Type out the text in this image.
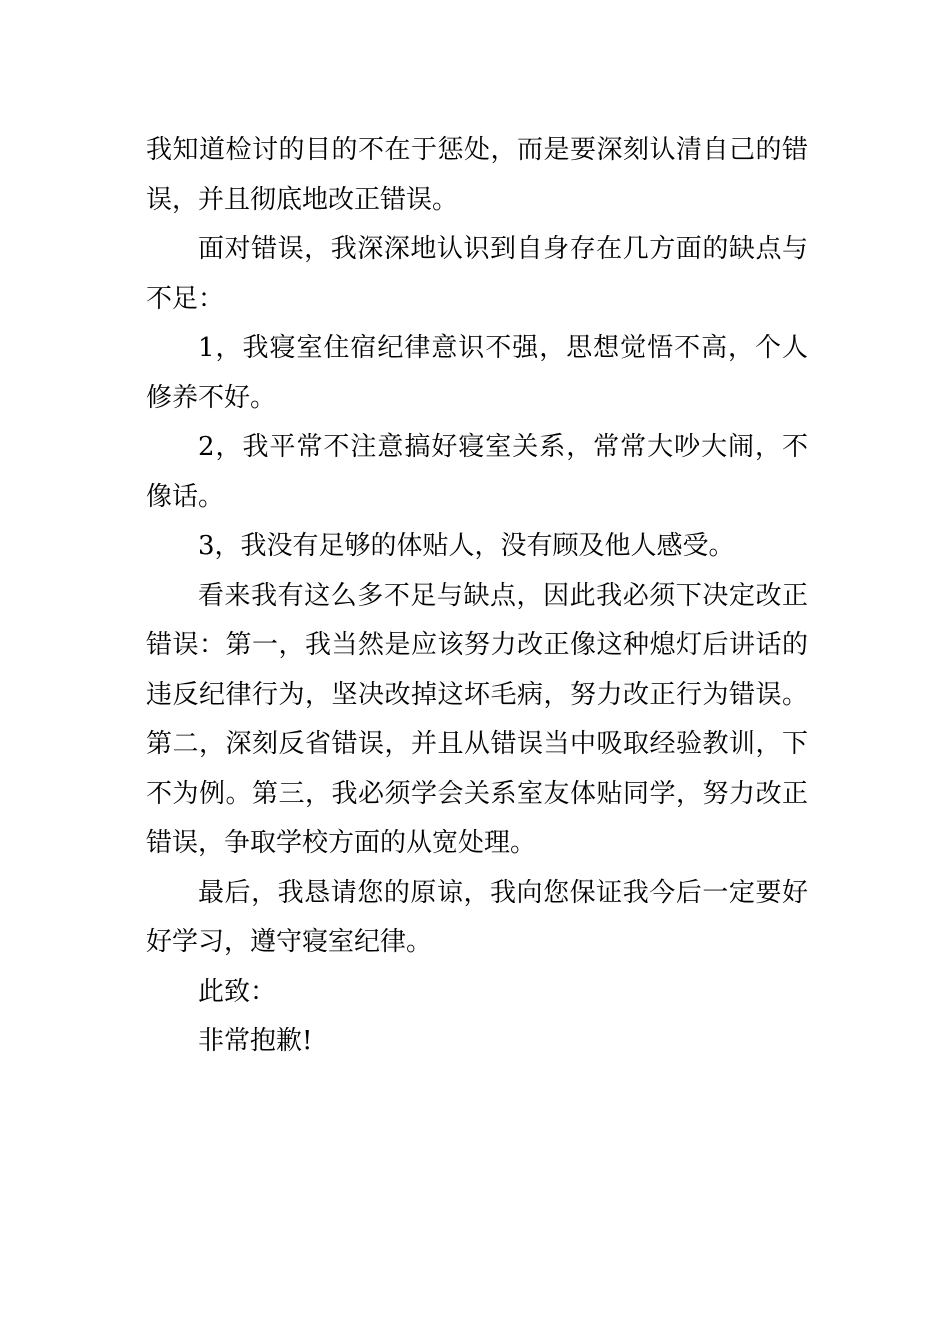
我知道检讨的目的不在于惩处，而是要深刻认清自己的错误，并且彻底地改正错误。

面对错误，我深深地认识到自身存在几方面的缺点与不足：

1，我寝室住宿纪律意识不强，思想觉悟不高，个人修养不好。

2，我平常不注意搞好寝室关系，常常大吵大闹，不像话。

3，我没有足够的体贴人，没有顾及他人感受。

看来我有这么多不足与缺点，因此我必须下决定改正错误：第一，我当然是应该努力改正像这种熄灯后讲话的违反纪律行为，坚决改掉这坏毛病，努力改正行为错误。第二，深刻反省错误，并且从错误当中吸取经验教训，下不为例。第三，我必须学会关系室友体贴同学，努力改正错误，争取学校方面的从宽处理。

最后，我恳请您的原谅，我向您保证我今后一定要好好学习，遵守寝室纪律。

此致：

非常抱歉!
